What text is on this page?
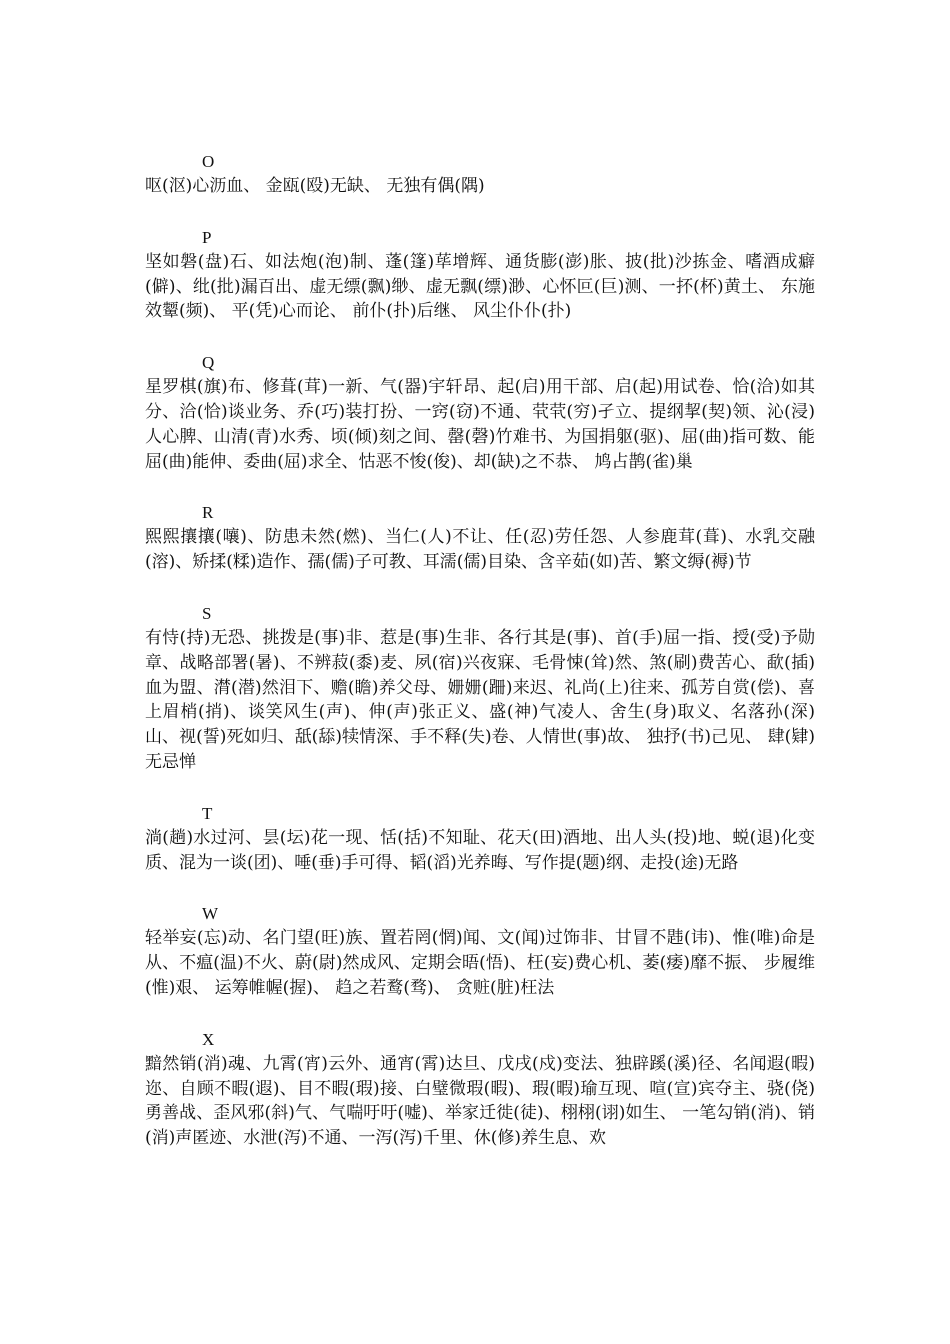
O
呕(沤)心沥血、 金瓯(殴)无缺、 无独有偶(隅)
P
坚如磐(盘)石、如法炮(泡)制、蓬(篷)荜增辉、通货膨(澎)胀、披(批)沙拣金、嗜酒成癖(僻)、纰(批)漏百出、虚无缥(飘)缈、虚无飘(缥)渺、心怀叵(巨)测、一抔(杯)黄土、 东施效颦(频)、 平(凭)心而论、 前仆(扑)后继、 风尘仆仆(扑)
Q
星罗棋(旗)布、修葺(茸)一新、气(器)宇轩昂、起(启)用干部、启(起)用试卷、恰(洽)如其分、洽(恰)谈业务、乔(巧)装打扮、一窍(窃)不通、茕茕(穷)孑立、提纲挈(契)领、沁(浸)人心脾、山清(青)水秀、顷(倾)刻之间、罄(磬)竹难书、为国捐躯(驱)、屈(曲)指可数、能屈(曲)能伸、委曲(屈)求全、怙恶不悛(俊)、却(缺)之不恭、 鸠占鹊(雀)巢
R
熙熙攘攘(嚷)、防患未然(燃)、当仁(人)不让、任(忍)劳任怨、人参鹿茸(葺)、水乳交融(溶)、矫揉(糅)造作、孺(儒)子可教、耳濡(儒)目染、含辛茹(如)苦、繁文缛(褥)节
S
有恃(持)无恐、挑拨是(事)非、惹是(事)生非、各行其是(事)、首(手)屈一指、授(受)予勋章、战略部署(暑)、不辨菽(黍)麦、夙(宿)兴夜寐、毛骨悚(耸)然、煞(刷)费苦心、歃(插)血为盟、潸(潜)然泪下、赡(瞻)养父母、姗姗(跚)来迟、礼尚(上)往来、孤芳自赏(偿)、喜上眉梢(捎)、谈笑风生(声)、伸(声)张正义、盛(神)气凌人、舍生(身)取义、名落孙(深)山、视(誓)死如归、舐(舔)犊情深、手不释(失)卷、人情世(事)故、 独抒(书)己见、 肆(肄)无忌惮
T
淌(趟)水过河、昙(坛)花一现、恬(括)不知耻、花天(田)酒地、出人头(投)地、蜕(退)化变质、混为一谈(团)、唾(垂)手可得、韬(滔)光养晦、写作提(题)纲、走投(途)无路
W
轻举妄(忘)动、名门望(旺)族、置若罔(惘)闻、文(闻)过饰非、甘冒不韪(讳)、惟(唯)命是从、不瘟(温)不火、蔚(尉)然成风、定期会晤(悟)、枉(妄)费心机、萎(痿)靡不振、 步履维(惟)艰、 运筹帷幄(握)、 趋之若鹜(骛)、 贪赃(脏)枉法
X
黯然销(消)魂、九霄(宵)云外、通宵(霄)达旦、戊戌(戍)变法、独辟蹊(溪)径、名闻遐(暇)迩、自顾不暇(遐)、目不暇(瑕)接、白璧微瑕(暇)、瑕(暇)瑜互现、喧(宣)宾夺主、骁(侥)勇善战、歪风邪(斜)气、气喘吁吁(嘘)、举家迁徙(徒)、栩栩(诩)如生、 一笔勾销(消)、销(消)声匿迹、水泄(泻)不通、一泻(泻)千里、休(修)养生息、欢
